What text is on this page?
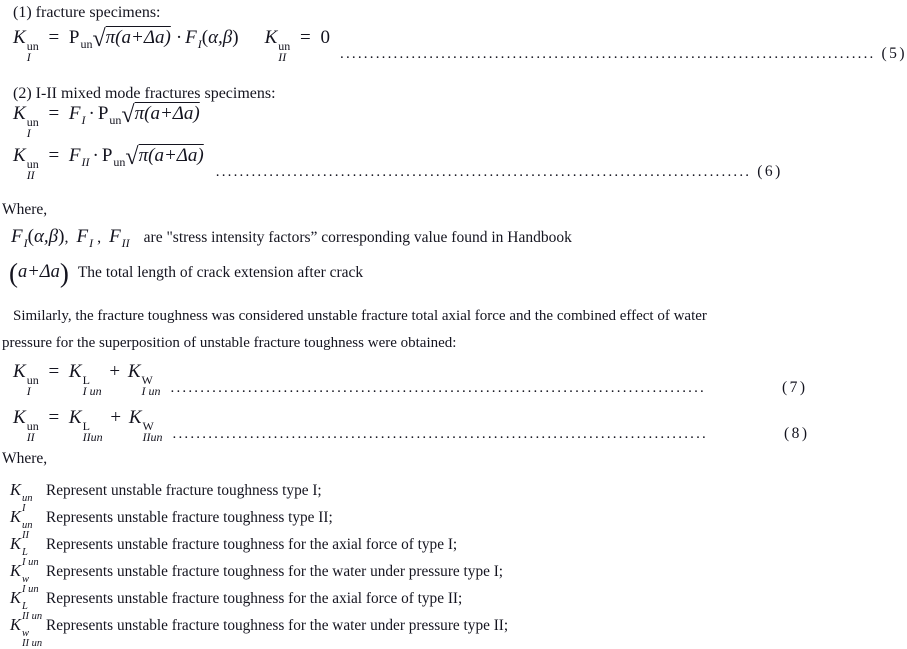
(1) fracture specimens:
K un
I
= $P_{un}√\pi(a+\Delta a) \cdot F_I(\alpha,\beta)$ K un
II
= 0
.......................................................................................... (5)
(2) I-II mixed mode fractures specimens:
K un
I
= $F_I \cdot P_{un}√\pi(a+\Delta a)$
K un
II
= $F_{II} \cdot P_{un}√\pi(a+\Delta a)$
.......................................................................................... (6)
Where,
$F_I(\alpha,\beta)$,  $F_I$ ,  $F_{II}$ are "stress intensity factors” corresponding value found in Handbook
(a+Δa) The total length of crack extension after crack
Similarly, the fracture toughness was considered unstable fracture total axial force and the combined effect of water
pressure for the superposition of unstable fracture toughness were obtained:
K un
I
= K L
I un
+ K W
I un ..........................................................................................	(7)
K un
II
= K L
IIun
+ K W
IIun ..........................................................................................	(8)
Where,
K un
I
Represent unstable fracture toughness type I;
K un
II
Represents unstable fracture toughness type II;
K L
I un
Represents unstable fracture toughness for the axial force of type I;
K w
I un
Represents unstable fracture toughness for the water under pressure type I;
K L
II un
Represents unstable fracture toughness for the axial force of type II;
K w
II un
Represents unstable fracture toughness for the water under pressure type II;
